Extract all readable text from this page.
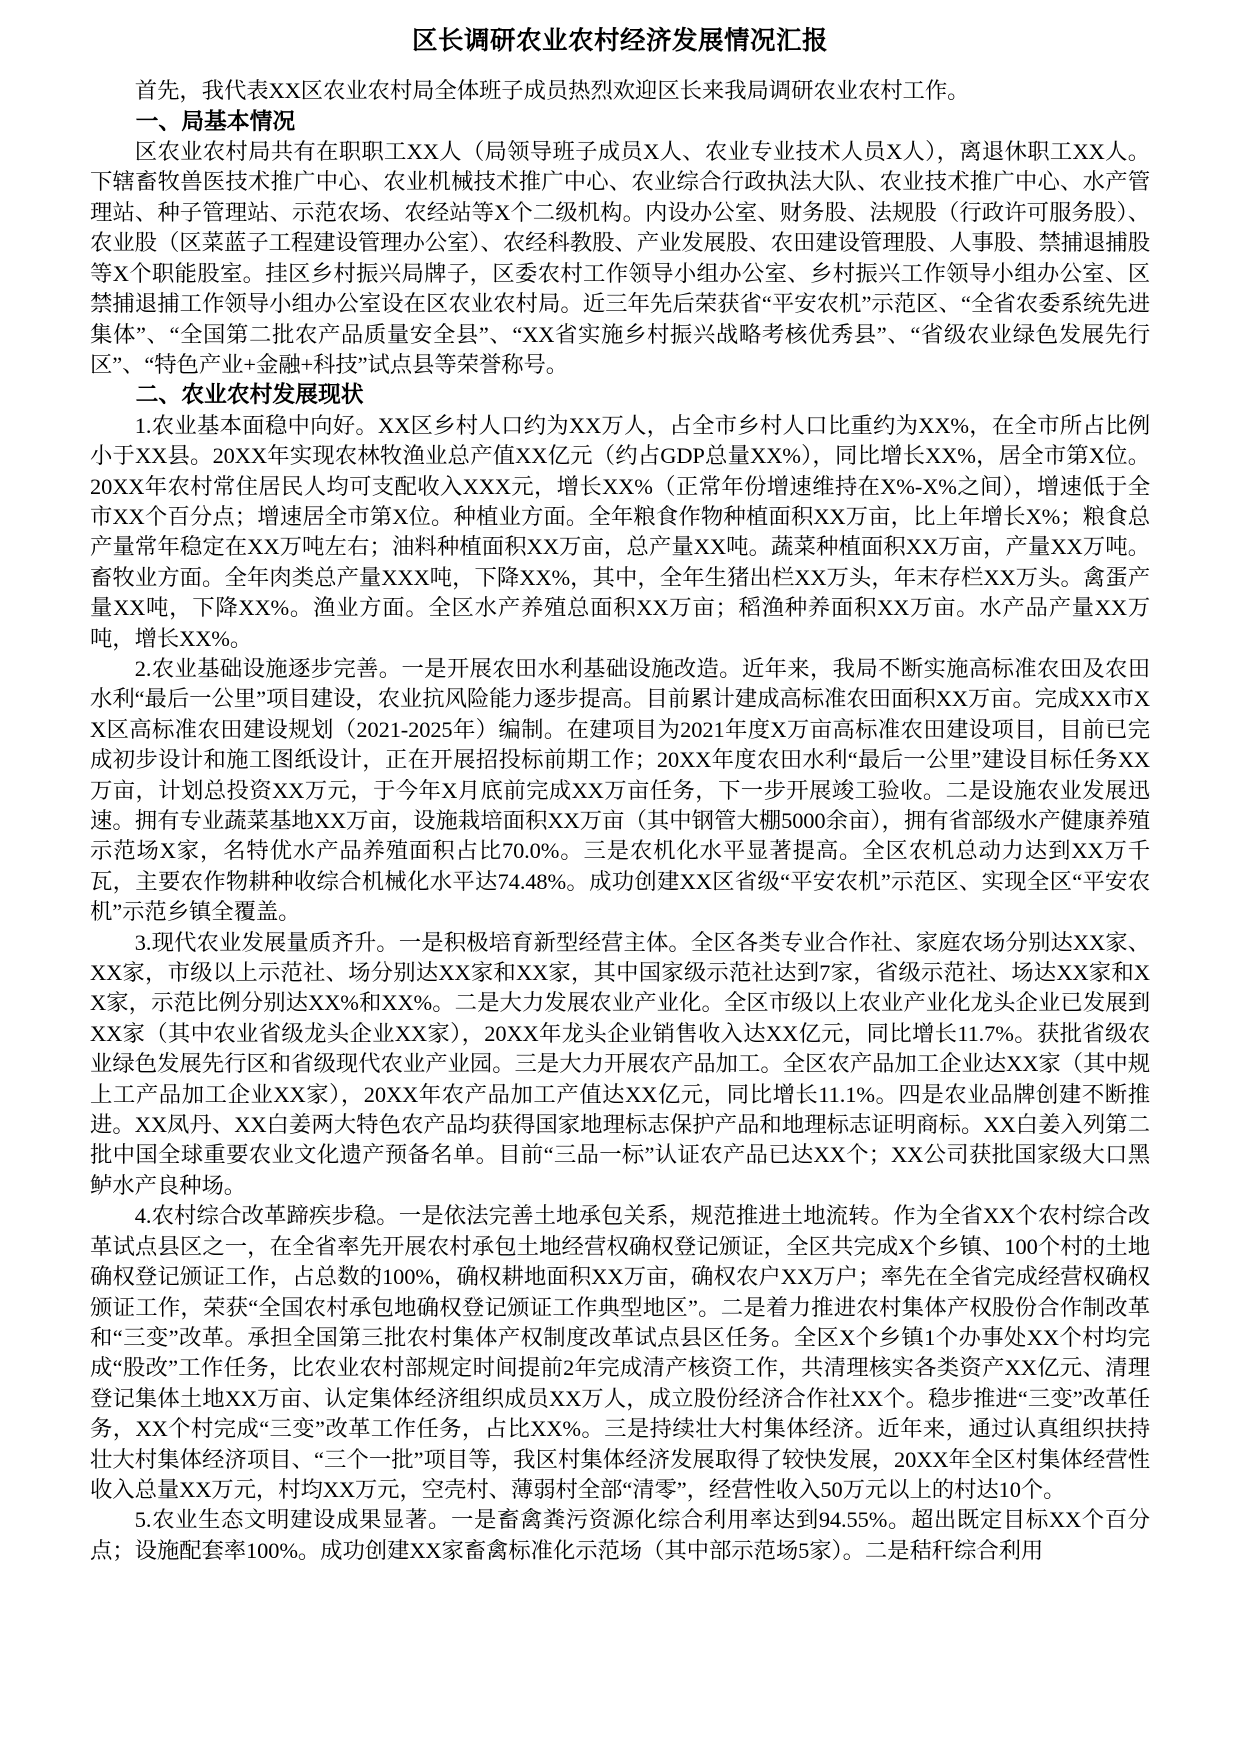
区长调研农业农村经济发展情况汇报

首先，我代表XX区农业农村局全体班子成员热烈欢迎区长来我局调研农业农村工作。

一、局基本情况

区农业农村局共有在职职工XX人（局领导班子成员X人、农业专业技术人员X人），离退休职工XX人。下辖畜牧兽医技术推广中心、农业机械技术推广中心、农业综合行政执法大队、农业技术推广中心、水产管理站、种子管理站、示范农场、农经站等X个二级机构。内设办公室、财务股、法规股（行政许可服务股）、农业股（区菜蓝子工程建设管理办公室）、农经科教股、产业发展股、农田建设管理股、人事股、禁捕退捕股等X个职能股室。挂区乡村振兴局牌子，区委农村工作领导小组办公室、乡村振兴工作领导小组办公室、区禁捕退捕工作领导小组办公室设在区农业农村局。近三年先后荣获省“平安农机”示范区、“全省农委系统先进集体”、“全国第二批农产品质量安全县”、“XX省实施乡村振兴战略考核优秀县”、“省级农业绿色发展先行区”、“特色产业+金融+科技”试点县等荣誉称号。

二、农业农村发展现状

1.农业基本面稳中向好。XX区乡村人口约为XX万人，占全市乡村人口比重约为XX%，在全市所占比例小于XX县。20XX年实现农林牧渔业总产值XX亿元（约占GDP总量XX%），同比增长XX%，居全市第X位。20XX年农村常住居民人均可支配收入XXX元，增长XX%（正常年份增速维持在X%-X%之间），增速低于全市XX个百分点；增速居全市第X位。种植业方面。全年粮食作物种植面积XX万亩，比上年增长X%；粮食总产量常年稳定在XX万吨左右；油料种植面积XX万亩，总产量XX吨。蔬菜种植面积XX万亩，产量XX万吨。畜牧业方面。全年肉类总产量XXX吨，下降XX%，其中，全年生猪出栏XX万头，年末存栏XX万头。禽蛋产量XX吨，下降XX%。渔业方面。全区水产养殖总面积XX万亩；稻渔种养面积XX万亩。水产品产量XX万吨，增长XX%。

2.农业基础设施逐步完善。一是开展农田水利基础设施改造。近年来，我局不断实施高标准农田及农田水利“最后一公里”项目建设，农业抗风险能力逐步提高。目前累计建成高标准农田面积XX万亩。完成XX市XX区高标准农田建设规划（2021-2025年）编制。在建项目为2021年度X万亩高标准农田建设项目，目前已完成初步设计和施工图纸设计，正在开展招投标前期工作；20XX年度农田水利“最后一公里”建设目标任务XX万亩，计划总投资XX万元，于今年X月底前完成XX万亩任务，下一步开展竣工验收。二是设施农业发展迅速。拥有专业蔬菜基地XX万亩，设施栽培面积XX万亩（其中钢管大棚5000余亩），拥有省部级水产健康养殖示范场X家，名特优水产品养殖面积占比70.0%。三是农机化水平显著提高。全区农机总动力达到XX万千瓦，主要农作物耕种收综合机械化水平达74.48%。成功创建XX区省级“平安农机”示范区、实现全区“平安农机”示范乡镇全覆盖。

3.现代农业发展量质齐升。一是积极培育新型经营主体。全区各类专业合作社、家庭农场分别达XX家、XX家，市级以上示范社、场分别达XX家和XX家，其中国家级示范社达到7家，省级示范社、场达XX家和XX家，示范比例分别达XX%和XX%。二是大力发展农业产业化。全区市级以上农业产业化龙头企业已发展到XX家（其中农业省级龙头企业XX家），20XX年龙头企业销售收入达XX亿元，同比增长11.7%。获批省级农业绿色发展先行区和省级现代农业产业园。三是大力开展农产品加工。全区农产品加工企业达XX家（其中规上工产品加工企业XX家），20XX年农产品加工产值达XX亿元，同比增长11.1%。四是农业品牌创建不断推进。XX凤丹、XX白姜两大特色农产品均获得国家地理标志保护产品和地理标志证明商标。XX白姜入列第二批中国全球重要农业文化遗产预备名单。目前“三品一标”认证农产品已达XX个；XX公司获批国家级大口黑鲈水产良种场。

4.农村综合改革蹄疾步稳。一是依法完善土地承包关系，规范推进土地流转。作为全省XX个农村综合改革试点县区之一，在全省率先开展农村承包土地经营权确权登记颁证，全区共完成X个乡镇、100个村的土地确权登记颁证工作，占总数的100%，确权耕地面积XX万亩，确权农户XX万户；率先在全省完成经营权确权颁证工作，荣获“全国农村承包地确权登记颁证工作典型地区”。二是着力推进农村集体产权股份合作制改革和“三变”改革。承担全国第三批农村集体产权制度改革试点县区任务。全区X个乡镇1个办事处XX个村均完成“股改”工作任务，比农业农村部规定时间提前2年完成清产核资工作，共清理核实各类资产XX亿元、清理登记集体土地XX万亩、认定集体经济组织成员XX万人，成立股份经济合作社XX个。稳步推进“三变”改革任务，XX个村完成“三变”改革工作任务，占比XX%。三是持续壮大村集体经济。近年来，通过认真组织扶持壮大村集体经济项目、“三个一批”项目等，我区村集体经济发展取得了较快发展，20XX年全区村集体经营性收入总量XX万元，村均XX万元，空壳村、薄弱村全部“清零”，经营性收入50万元以上的村达10个。

5.农业生态文明建设成果显著。一是畜禽粪污资源化综合利用率达到94.55%。超出既定目标XX个百分点；设施配套率100%。成功创建XX家畜禽标准化示范场（其中部示范场5家）。二是秸秆综合利用
